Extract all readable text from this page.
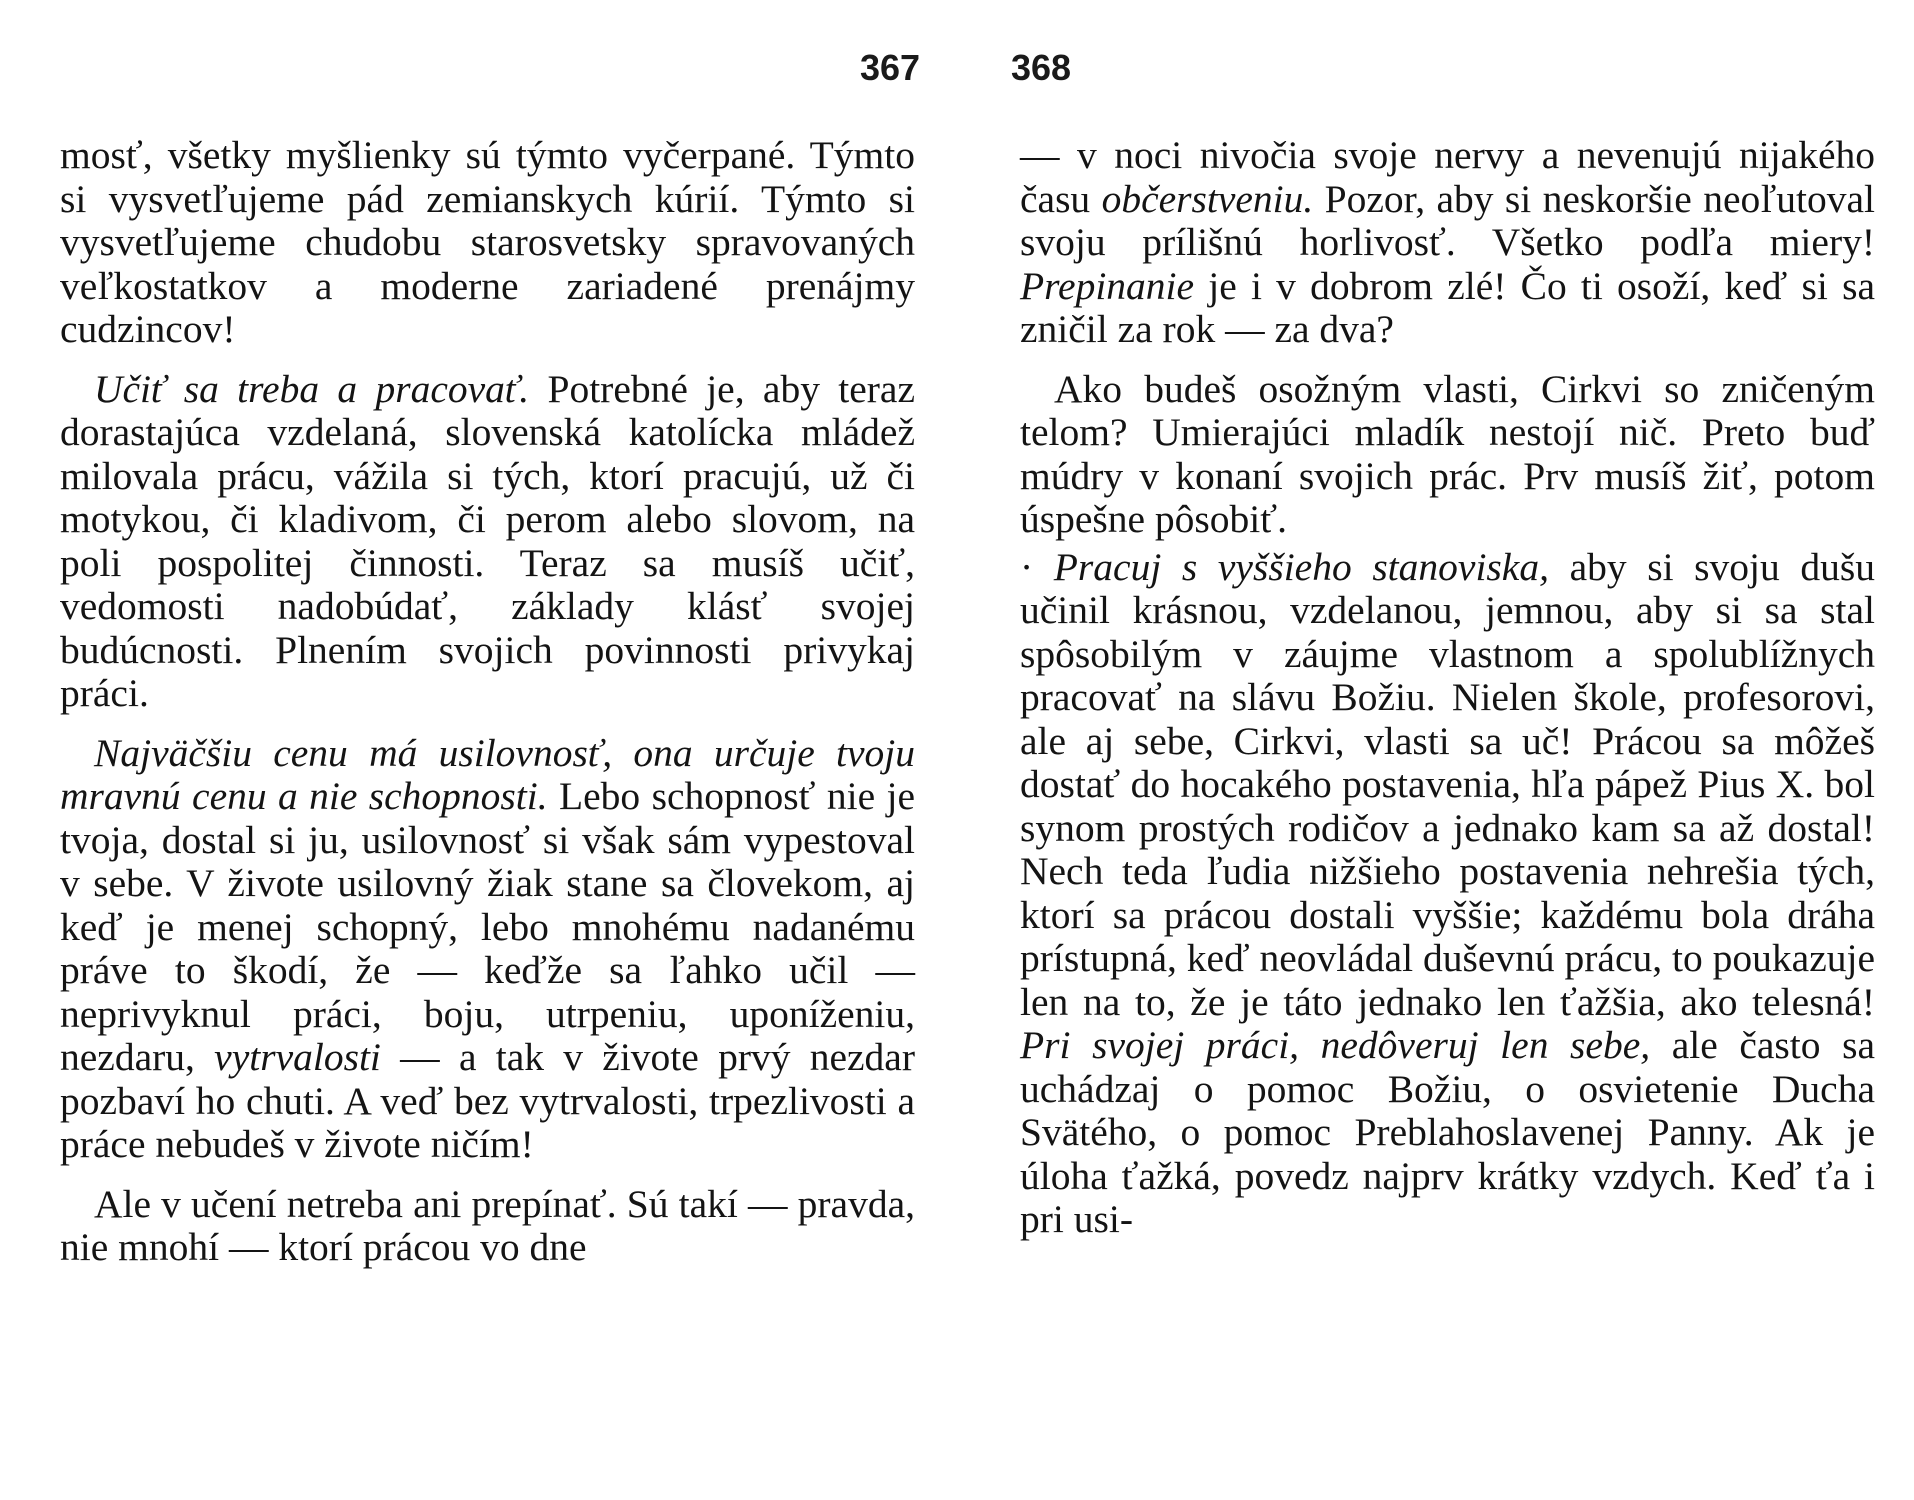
367	368

mosť, všetky myšlienky sú týmto vyčerpané. Týmto si vysvetľujeme pád zemianskych kúrií. Týmto si vysvetľujeme chudobu starosvetsky spravovaných veľkostatkov a moderne zariadené prenájmy cudzincov!

Učiť sa treba a pracovať. Potrebné je, aby teraz dorastajúca vzdelaná, slovenská katolícka mládež milovala prácu, vážila si tých, ktorí pracujú, už či motykou, či kladivom, či perom alebo slovom, na poli pospolitej činnosti. Teraz sa musíš učiť, vedomosti nadobúdať, základy klásť svojej budúcnosti. Plnením svojich povinnosti privykaj práci.

Najväčšiu cenu má usilovnosť, ona určuje tvoju mravnú cenu a nie schopnosti. Lebo schopnosť nie je tvoja, dostal si ju, usilovnosť si však sám vypestoval v sebe. V živote usilovný žiak stane sa človekom, aj keď je menej schopný, lebo mnohému nadanému práve to škodí, že — keďže sa ľahko učil — neprivyknul práci, boju, utrpeniu, uponíženiu, nezdaru, vytrvalosti — a tak v živote prvý nezdar pozbaví ho chuti. A veď bez vytrvalosti, trpezlivosti a práce nebudeš v živote ničím!

Ale v učení netreba ani prepínať. Sú takí — pravda, nie mnohí — ktorí prácou vo dne

— v noci nivočia svoje nervy a nevenujú nijakého času občerstveniu. Pozor, aby si neskoršie neoľutoval svoju prílišnú horlivosť. Všetko podľa miery! Prepinanie je i v dobrom zlé! Čo ti osoží, keď si sa zničil za rok — za dva?

Ako budeš osožným vlasti, Cirkvi so zničeným telom? Umierajúci mladík nestojí nič. Preto buď múdry v konaní svojich prác. Prv musíš žiť, potom úspešne pôsobiť.

· Pracuj s vyššieho stanoviska, aby si svoju dušu učinil krásnou, vzdelanou, jemnou, aby si sa stal spôsobilým v záujme vlastnom a spolublížnych pracovať na slávu Božiu. Nielen škole, profesorovi, ale aj sebe, Cirkvi, vlasti sa uč! Prácou sa môžeš dostať do hocakého postavenia, hľa pápež Pius X. bol synom prostých rodičov a jednako kam sa až dostal! Nech teda ľudia nižšieho postavenia nehrešia tých, ktorí sa prácou dostali vyššie; každému bola dráha prístupná, keď neovládal duševnú prácu, to poukazuje len na to, že je táto jednako len ťažšia, ako telesná! Pri svojej práci, nedôveruj len sebe, ale často sa uchádzaj o pomoc Božiu, o osvietenie Ducha Svätého, o pomoc Preblahoslavenej Panny. Ak je úloha ťažká, povedz najprv krátky vzdych. Keď ťa i pri usi-
